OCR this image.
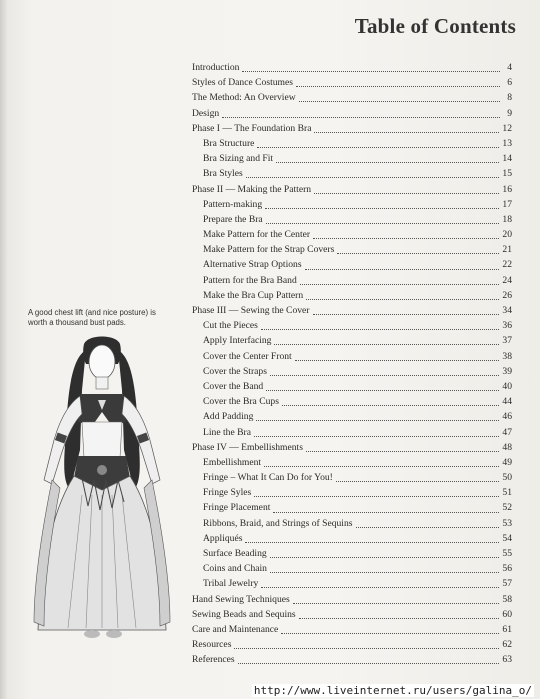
Table of Contents
Introduction	4
Styles of Dance Costumes	6
The Method: An Overview	8
Design	9
Phase I — The Foundation Bra	12
Bra Structure	13
Bra Sizing and Fit	14
Bra Styles	15
Phase II — Making the Pattern	16
Pattern-making	17
Prepare the Bra	18
Make Pattern for the Center	20
Make Pattern for the Strap Covers	21
Alternative Strap Options	22
Pattern for the Bra Band	24
Make the Bra Cup Pattern	26
Phase III — Sewing the Cover	34
Cut the Pieces	36
Apply Interfacing	37
Cover the Center Front	38
Cover the Straps	39
Cover the Band	40
Cover the Bra Cups	44
Add Padding	46
Line the Bra	47
Phase IV — Embellishments	48
Embellishment	49
Fringe – What It Can Do for You!	50
Fringe Syles	51
Fringe Placement	52
Ribbons, Braid, and Strings of Sequins	53
Appliqués	54
Surface Beading	55
Coins and Chain	56
Tribal Jewelry	57
Hand Sewing Techniques	58
Sewing Beads and Sequins	60
Care and Maintenance	61
Resources	62
References	63
A good chest lift (and nice posture) is worth a thousand bust pads.
http://www.liveinternet.ru/users/galina_o/
